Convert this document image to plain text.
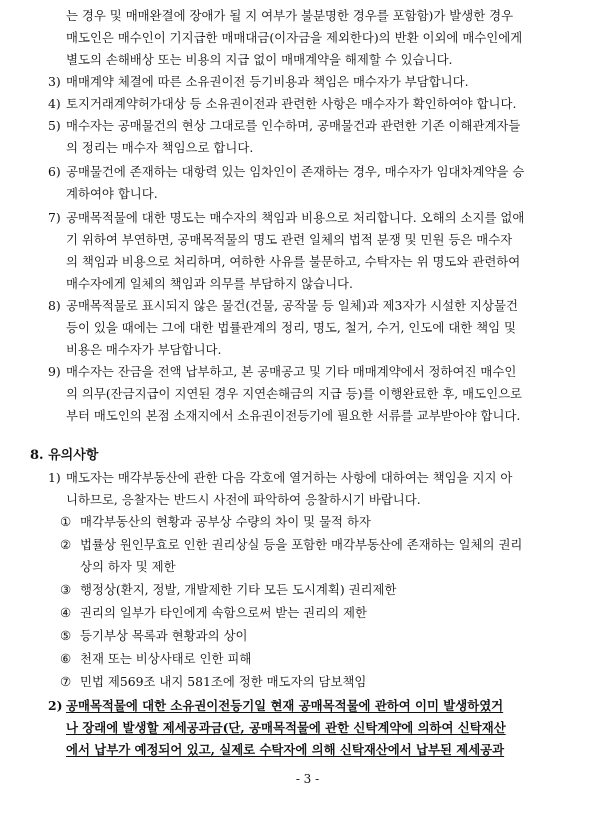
는 경우 및 매매완결에 장애가 될 지 여부가 불분명한 경우를 포함함)가 발생한 경우
매도인은 매수인이 기지급한 매매대금(이자금을 제외한다)의 반환 이외에 매수인에게
별도의 손해배상 또는 비용의 지급 없이 매매계약을 해제할 수 있습니다.
3) 매매계약 체결에 따른 소유권이전 등기비용과 책임은 매수자가 부담합니다.
4) 토지거래계약허가대상 등 소유권이전과 관련한 사항은 매수자가 확인하여야 합니다.
5) 매수자는 공매물건의 현상 그대로를 인수하며, 공매물건과 관련한 기존 이해관계자들
의 정리는 매수자 책임으로 합니다.
6) 공매물건에 존재하는 대항력 있는 임차인이 존재하는 경우, 매수자가 임대차계약을 승
계하여야 합니다.
7) 공매목적물에 대한 명도는 매수자의 책임과 비용으로 처리합니다. 오해의 소지를 없애
기 위하여 부연하면, 공매목적물의 명도 관련 일체의 법적 분쟁 및 민원 등은 매수자
의 책임과 비용으로 처리하며, 여하한 사유를 불문하고, 수탁자는 위 명도와 관련하여
매수자에게 일체의 책임과 의무를 부담하지 않습니다.
8) 공매목적물로 표시되지 않은 물건(건물, 공작물 등 일체)과 제3자가 시설한 지상물건
등이 있을 때에는 그에 대한 법률관계의 정리, 명도, 철거, 수거, 인도에 대한 책임 및
비용은 매수자가 부담합니다.
9) 매수자는 잔금을 전액 납부하고, 본 공매공고 및 기타 매매계약에서 정하여진 매수인
의 의무(잔금지급이 지연된 경우 지연손해금의 지급 등)를 이행완료한 후, 매도인으로
부터 매도인의 본점 소재지에서 소유권이전등기에 필요한 서류를 교부받아야 합니다.
8. 유의사항
1) 매도자는 매각부동산에 관한 다음 각호에 열거하는 사항에 대하여는 책임을 지지 아
니하므로, 응찰자는 반드시 사전에 파악하여 응찰하시기 바랍니다.
① 매각부동산의 현황과 공부상 수량의 차이 및 물적 하자
② 법률상 원인무효로 인한 권리상실 등을 포함한 매각부동산에 존재하는 일체의 권리
상의 하자 및 제한
③ 행정상(환지, 정발, 개발제한 기타 모든 도시계획) 권리제한
④ 권리의 일부가 타인에게 속함으로써 받는 권리의 제한
⑤ 등기부상 목록과 현황과의 상이
⑥ 천재 또는 비상사태로 인한 피해
⑦ 민법 제569조 내지 581조에 정한 매도자의 담보책임
2) 공매목적물에 대한 소유권이전등기일 현재 공매목적물에 관하여 이미 발생하였거
나 장래에 발생할 제세공과금(단, 공매목적물에 관한 신탁계약에 의하여 신탁재산
에서 납부가 예정되어 있고, 실제로 수탁자에 의해 신탁재산에서 납부된 제세공과
- 3 -
